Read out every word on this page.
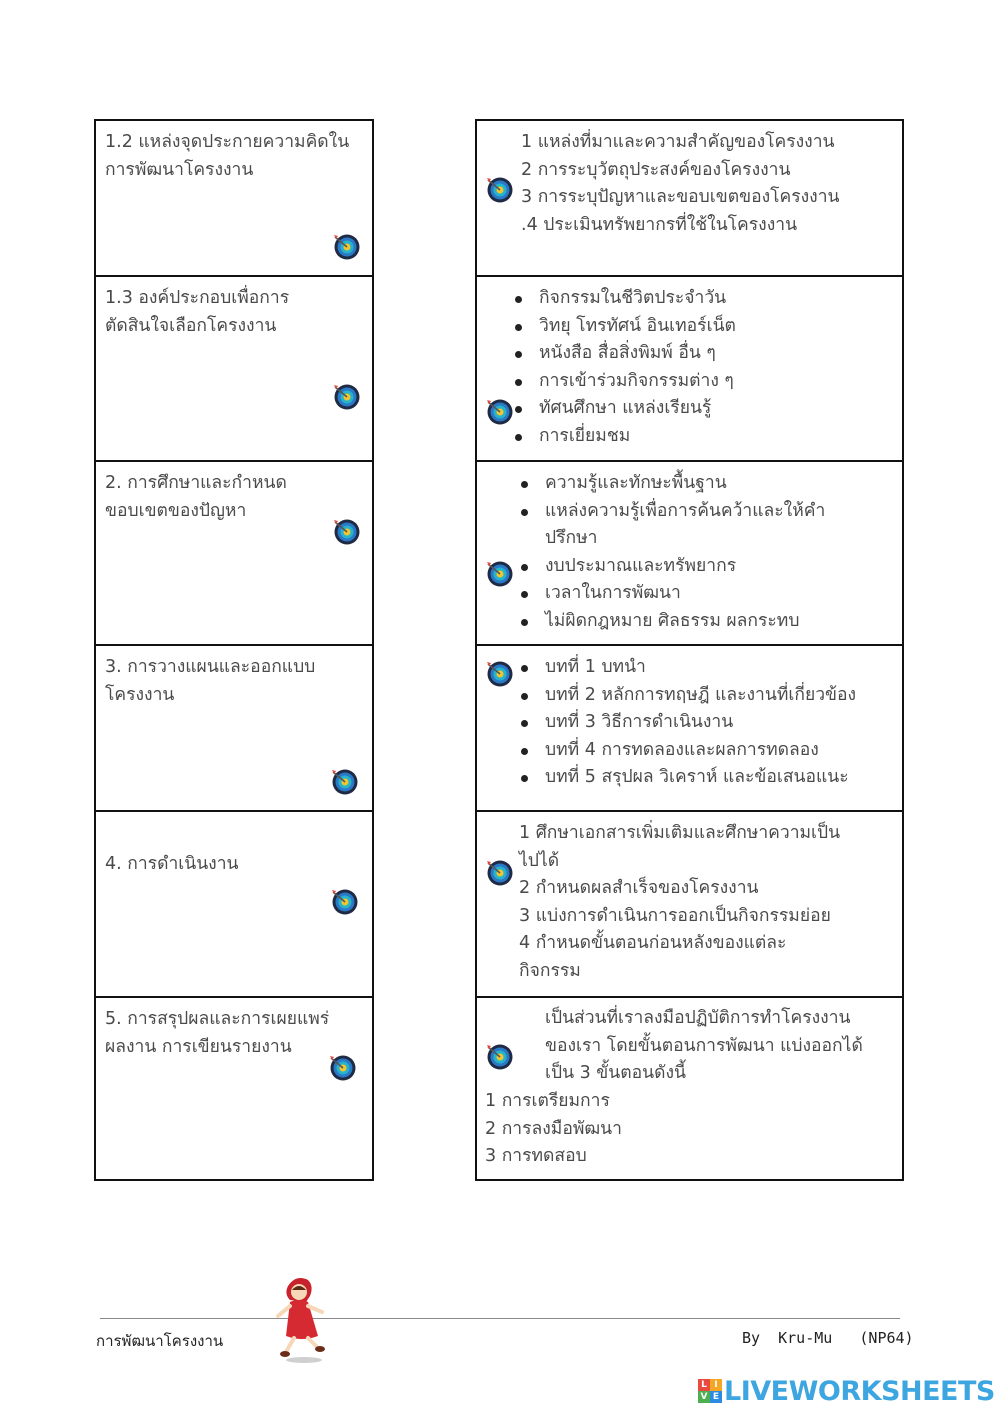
1.2 แหล่งจุดประกายความคิดใน
การพัฒนาโครงงาน
1.3 องค์ประกอบเพื่อการ
ตัดสินใจเลือกโครงงาน
2. การศึกษาและกำหนด
ขอบเขตของปัญหา
3. การวางแผนและออกแบบ
โครงงาน
4. การดำเนินงาน
5. การสรุปผลและการเผยแพร่
ผลงาน การเขียนรายงาน
1 แหล่งที่มาและความสำคัญของโครงงาน
2 การระบุวัตถุประสงค์ของโครงงาน
3 การระบุปัญหาและขอบเขตของโครงงาน
.4 ประเมินทรัพยากรที่ใช้ในโครงงาน
กิจกรรมในชีวิตประจำวัน
วิทยุ โทรทัศน์ อินเทอร์เน็ต
หนังสือ สื่อสิ่งพิมพ์ อื่น ๆ
การเข้าร่วมกิจกรรมต่าง ๆ
ทัศนศึกษา แหล่งเรียนรู้
การเยี่ยมชม
ความรู้และทักษะพื้นฐาน
แหล่งความรู้เพื่อการค้นคว้าและให้คำ
ปรึกษา
งบประมาณและทรัพยากร
เวลาในการพัฒนา
ไม่ผิดกฎหมาย ศิลธรรม ผลกระทบ
บทที่ 1 บทนำ
บทที่ 2 หลักการทฤษฎี และงานที่เกี่ยวข้อง
บทที่ 3 วิธีการดำเนินงาน
บทที่ 4 การทดลองและผลการทดลอง
บทที่ 5 สรุปผล วิเคราห์ และข้อเสนอแนะ
1 ศึกษาเอกสารเพิ่มเติมและศึกษาความเป็น
ไปได้
2 กำหนดผลสำเร็จของโครงงาน
3 แบ่งการดำเนินการออกเป็นกิจกรรมย่อย
4 กำหนดขั้นตอนก่อนหลังของแต่ละ
กิจกรรม
เป็นส่วนที่เราลงมือปฏิบัติการทำโครงงาน
ของเรา โดยขั้นตอนการพัฒนา แบ่งออกได้
เป็น 3 ขั้นตอนดังนี้
1 การเตรียมการ
2 การลงมือพัฒนา
3 การทดสอบ
การพัฒนาโครงงาน	By  Kru-Mu   (NP64)
L I
V E LIVEWORKSHEETS
